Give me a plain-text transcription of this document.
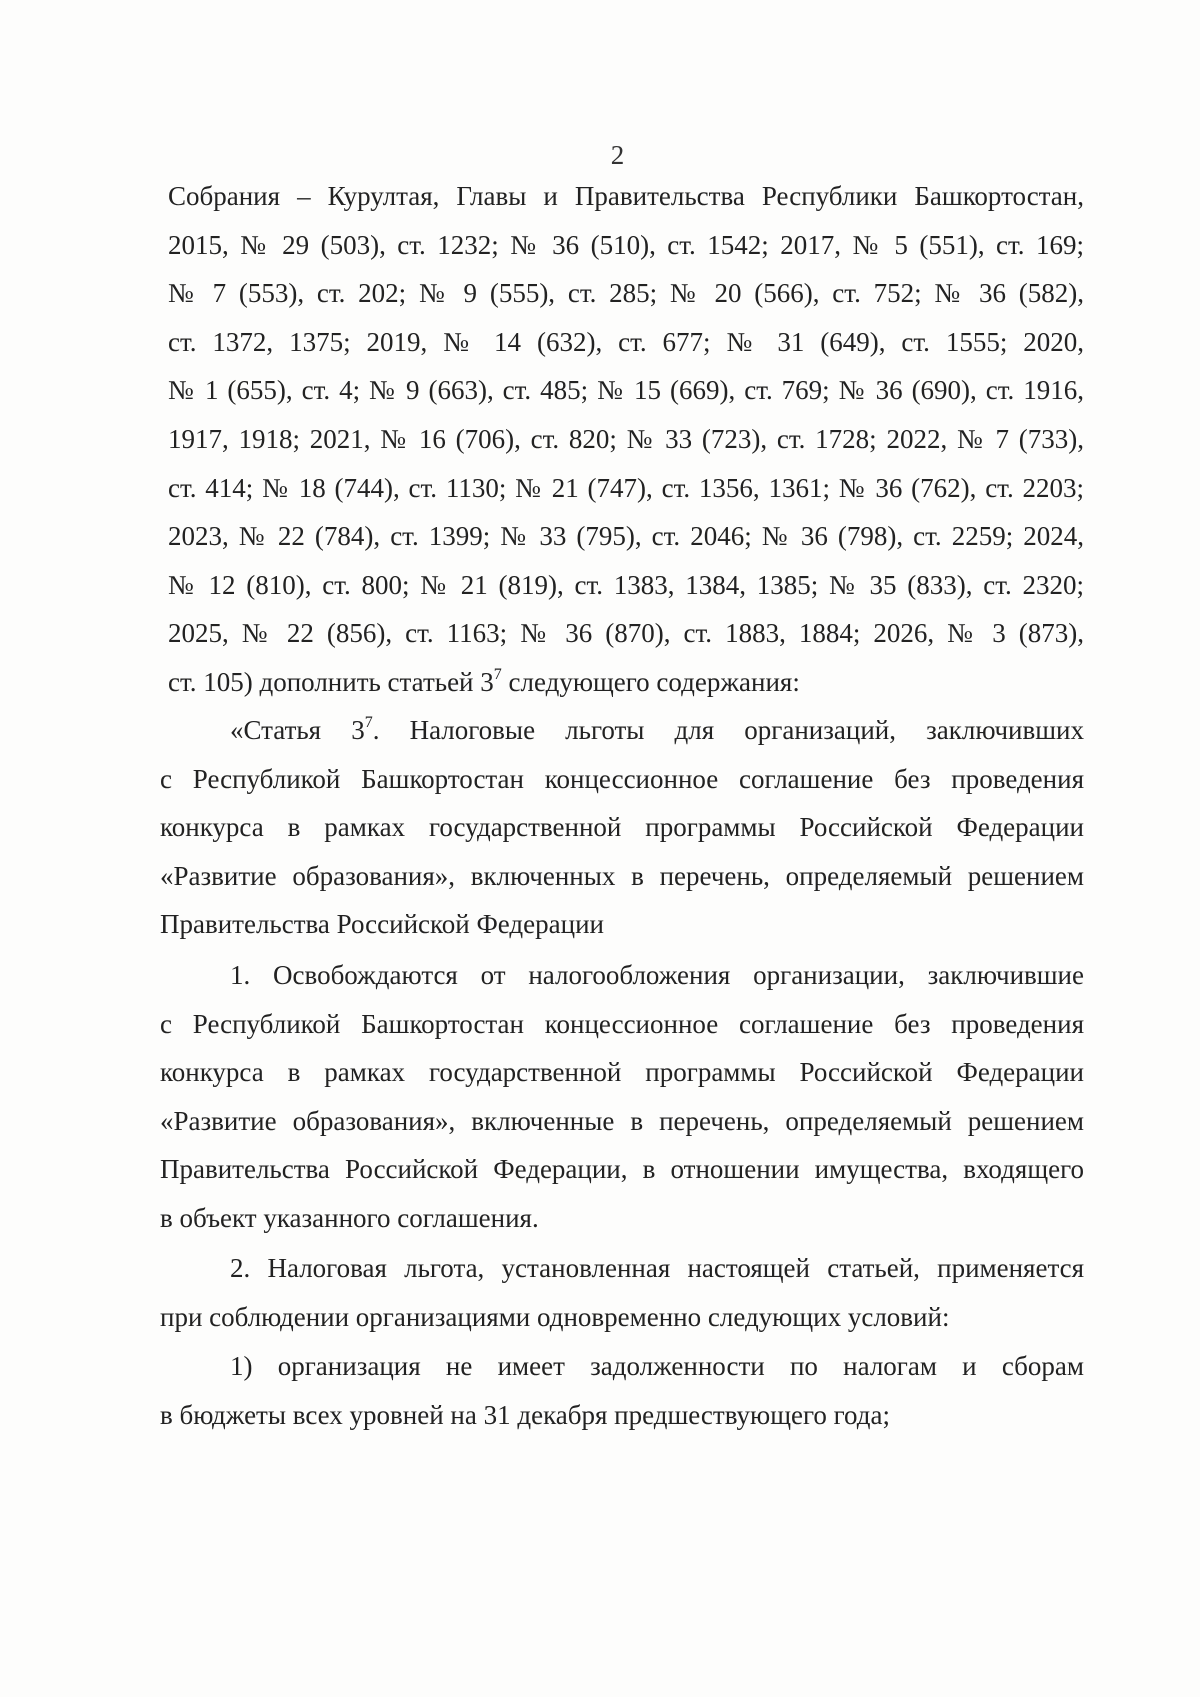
2
Собрания – Курултая, Главы и Правительства Республики Башкортостан,
2015, № 29 (503), ст. 1232; № 36 (510), ст. 1542; 2017, № 5 (551), ст. 169;
№ 7 (553), ст. 202; № 9 (555), ст. 285; № 20 (566), ст. 752; № 36 (582),
ст. 1372, 1375; 2019, № 14 (632), ст. 677; № 31 (649), ст. 1555; 2020,
№ 1 (655), ст. 4; № 9 (663), ст. 485; № 15 (669), ст. 769; № 36 (690), ст. 1916,
1917, 1918; 2021, № 16 (706), ст. 820; № 33 (723), ст. 1728; 2022, № 7 (733),
ст. 414; № 18 (744), ст. 1130; № 21 (747), ст. 1356, 1361; № 36 (762), ст. 2203;
2023, № 22 (784), ст. 1399; № 33 (795), ст. 2046; № 36 (798), ст. 2259; 2024,
№ 12 (810), ст. 800; № 21 (819), ст. 1383, 1384, 1385; № 35 (833), ст. 2320;
2025, № 22 (856), ст. 1163; № 36 (870), ст. 1883, 1884; 2026, № 3 (873),
ст. 105) дополнить статьей $3^7$ следующего содержания:
«Статья $3^7$. Налоговые льготы для организаций, заключивших
с Республикой Башкортостан концессионное соглашение без проведения
конкурса в рамках государственной программы Российской Федерации
«Развитие образования», включенных в перечень, определяемый решением
Правительства Российской Федерации
1. Освобождаются от налогообложения организации, заключившие
с Республикой Башкортостан концессионное соглашение без проведения
конкурса в рамках государственной программы Российской Федерации
«Развитие образования», включенные в перечень, определяемый решением
Правительства Российской Федерации, в отношении имущества, входящего
в объект указанного соглашения.
2. Налоговая льгота, установленная настоящей статьей, применяется
при соблюдении организациями одновременно следующих условий:
1) организация не имеет задолженности по налогам и сборам
в бюджеты всех уровней на 31 декабря предшествующего года;
